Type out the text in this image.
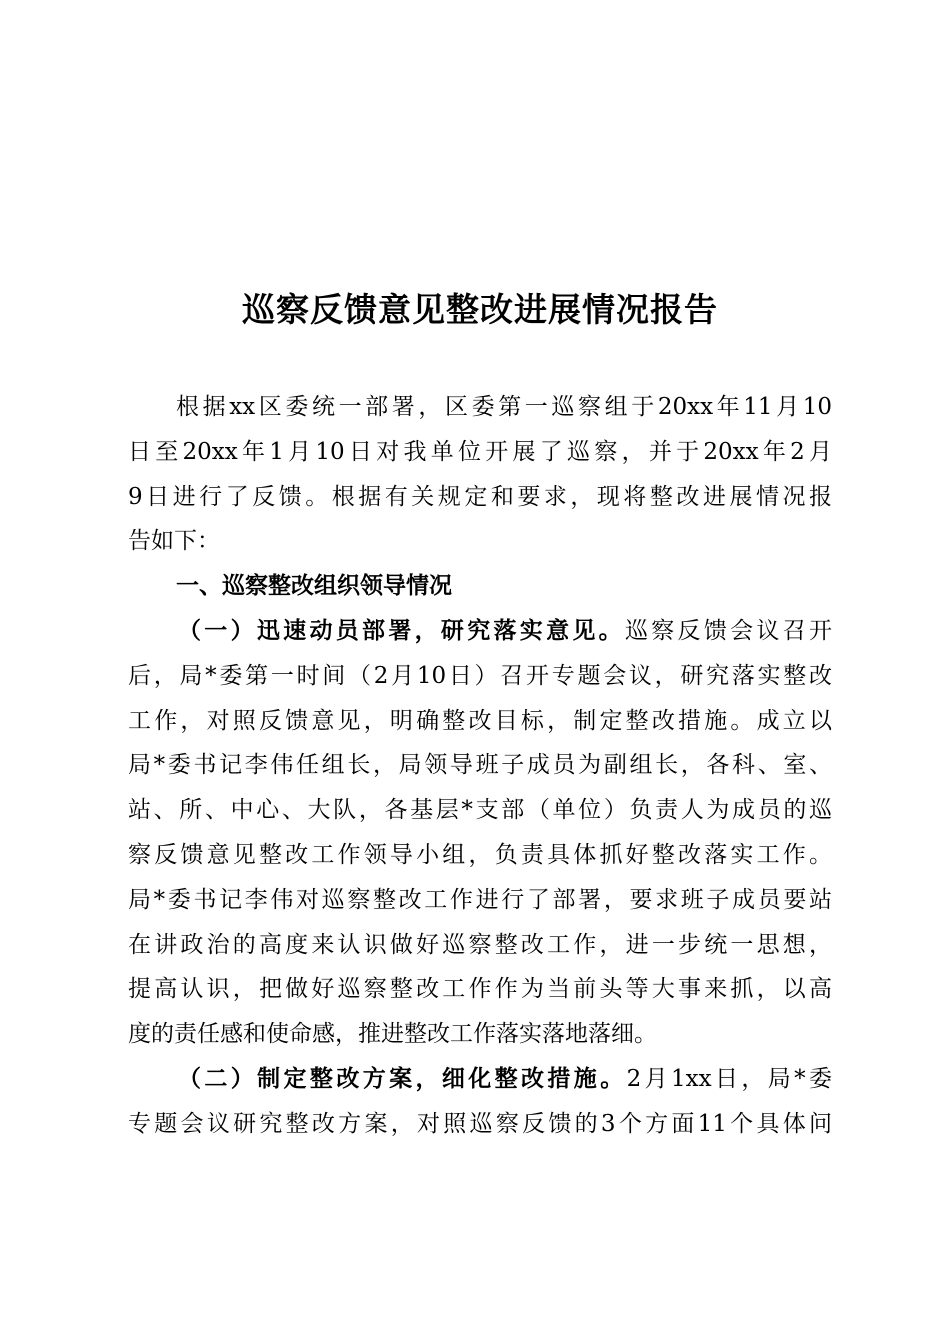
巡察反馈意见整改进展情况报告
根据xx区委统一部署，区委第一巡察组于20xx年11月10
日至20xx年1月10日对我单位开展了巡察，并于20xx年2月
9日进行了反馈。根据有关规定和要求，现将整改进展情况报
告如下：
一、巡察整改组织领导情况
（一）迅速动员部署，研究落实意见。巡察反馈会议召开
后，局*委第一时间（2月10日）召开专题会议，研究落实整改
工作，对照反馈意见，明确整改目标，制定整改措施。成立以
局*委书记李伟任组长，局领导班子成员为副组长，各科、室、
站、所、中心、大队，各基层*支部（单位）负责人为成员的巡
察反馈意见整改工作领导小组，负责具体抓好整改落实工作。
局*委书记李伟对巡察整改工作进行了部署，要求班子成员要站
在讲政治的高度来认识做好巡察整改工作，进一步统一思想，
提高认识，把做好巡察整改工作作为当前头等大事来抓，以高
度的责任感和使命感，推进整改工作落实落地落细。
（二）制定整改方案，细化整改措施。2月1xx日，局*委
专题会议研究整改方案，对照巡察反馈的3个方面11个具体问
